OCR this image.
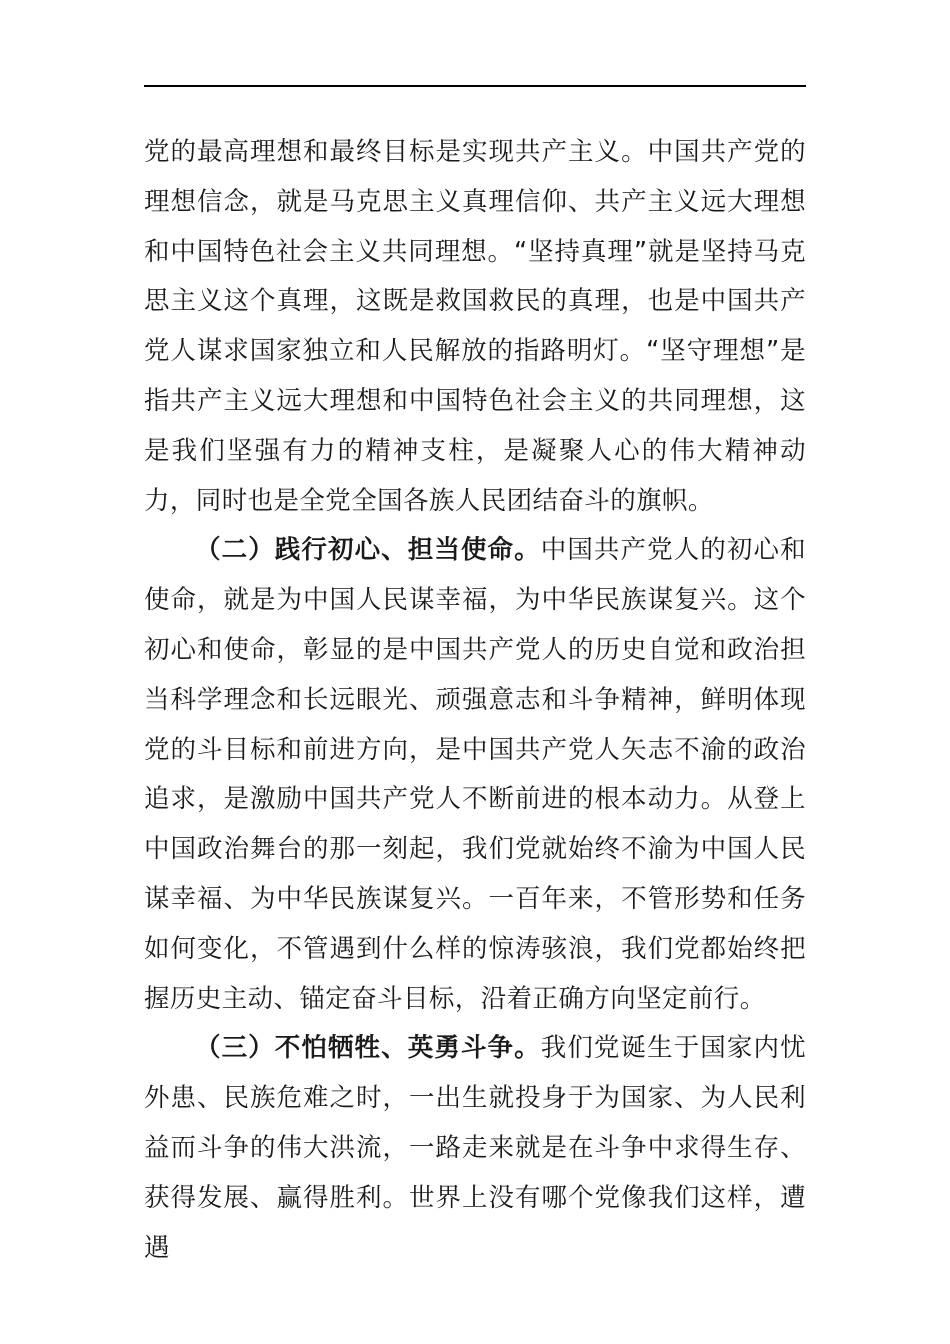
党的最高理想和最终目标是实现共产主义。中国共产党的理想信念，就是马克思主义真理信仰、共产主义远大理想和中国特色社会主义共同理想。“坚持真理”就是坚持马克思主义这个真理，这既是救国救民的真理，也是中国共产党人谋求国家独立和人民解放的指路明灯。“坚守理想”是指共产主义远大理想和中国特色社会主义的共同理想，这是我们坚强有力的精神支柱，是凝聚人心的伟大精神动力，同时也是全党全国各族人民团结奋斗的旗帜。

（二）践行初心、担当使命。中国共产党人的初心和使命，就是为中国人民谋幸福，为中华民族谋复兴。这个初心和使命，彰显的是中国共产党人的历史自觉和政治担当科学理念和长远眼光、顽强意志和斗争精神，鲜明体现党的斗目标和前进方向，是中国共产党人矢志不渝的政治追求，是激励中国共产党人不断前进的根本动力。从登上中国政治舞台的那一刻起，我们党就始终不渝为中国人民谋幸福、为中华民族谋复兴。一百年来，不管形势和任务如何变化，不管遇到什么样的惊涛骇浪，我们党都始终把握历史主动、锚定奋斗目标，沿着正确方向坚定前行。

（三）不怕牺牲、英勇斗争。我们党诞生于国家内忧外患、民族危难之时，一出生就投身于为国家、为人民利益而斗争的伟大洪流，一路走来就是在斗争中求得生存、获得发展、赢得胜利。世界上没有哪个党像我们这样，遭遇
